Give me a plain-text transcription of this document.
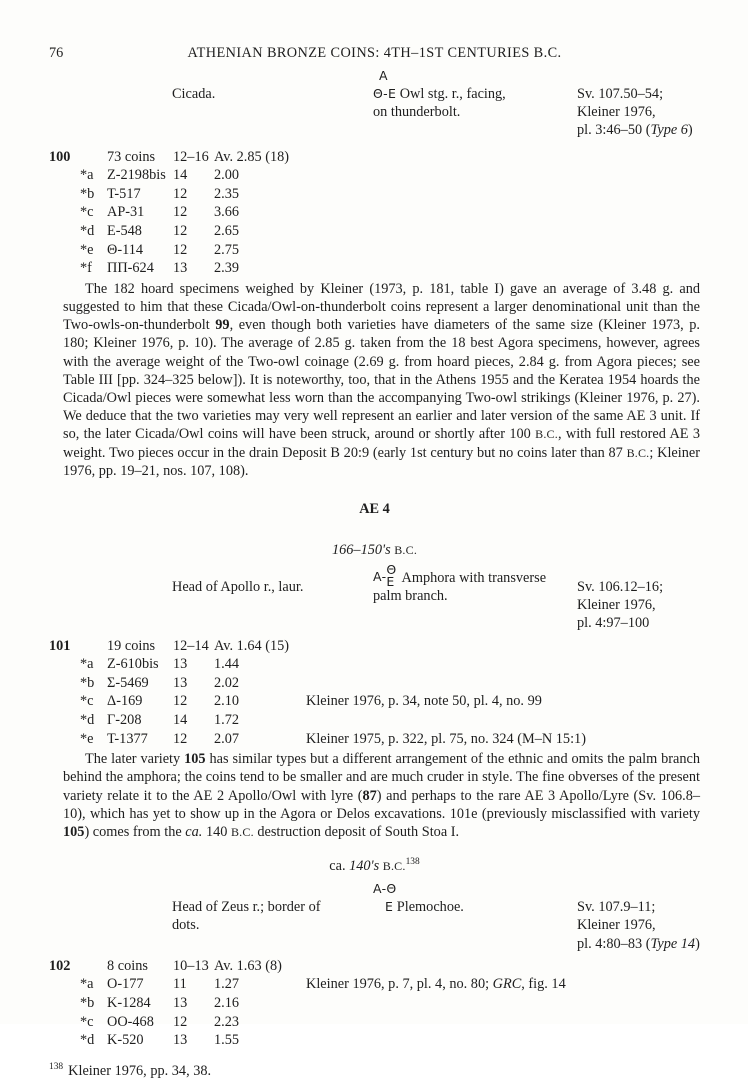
76	ATHENIAN BRONZE COINS: 4TH–1ST CENTURIES B.C.
Cicada.
A
Θ-E Owl stg. r., facing,
on thunderbolt.
Sv. 107.50–54;
Kleiner 1976,
pl. 3:46–50 (Type 6)
100	73 coins	12–16 Av. 2.85 (18)
*a Z-2198bis 14	2.00
*b T-517	12	2.35
*c AP-31	12	3.66
*d E-548	12	2.65
*e Θ-114	12	2.75
*f	ΠΠ-624	13	2.39

The 182 hoard specimens weighed by Kleiner (1973, p. 181, table I) gave an average of 3.48 g. and suggested to him that these Cicada/Owl-on-thunderbolt coins represent a larger denominational unit than the Two-owls-on-thunderbolt 99, even though both varieties have diameters of the same size (Kleiner 1973, p. 180; Kleiner 1976, p. 10). The average of 2.85 g. taken from the 18 best Agora specimens, however, agrees with the average weight of the Two-owl coinage (2.69 g. from hoard pieces, 2.84 g. from Agora pieces; see Table III [pp. 324–325 below]). It is noteworthy, too, that in the Athens 1955 and the Keratea 1954 hoards the Cicada/Owl pieces were somewhat less worn than the accompanying Two-owl strikings (Kleiner 1976, p. 27). We deduce that the two varieties may very well represent an earlier and later version of the same AE 3 unit. If so, the later Cicada/Owl coins will have been struck, around or shortly after 100 B.C., with full restored AE 3 weight. Two pieces occur in the drain Deposit B 20:9 (early 1st century but no coins later than 87 B.C.; Kleiner 1976, pp. 19–21, nos. 107, 108).

AE 4
166–150's B.C.
Head of Apollo r., laur.
A- Θ
E Amphora with transverse
palm branch.
Sv. 106.12–16;
Kleiner 1976,
pl. 4:97–100
101	19 coins	12–14 Av. 1.64 (15)
*a Z-610bis	13	1.44
*b Σ-5469	13	2.02
*c Δ-169	12	2.10	Kleiner 1976, p. 34, note 50, pl. 4, no. 99
*d Γ-208	14	1.72
*e T-1377	12	2.07	Kleiner 1975, p. 322, pl. 75, no. 324 (M–N 15:1)

The later variety 105 has similar types but a different arrangement of the ethnic and omits the palm branch behind the amphora; the coins tend to be smaller and are much cruder in style. The fine obverses of the present variety relate it to the AE 2 Apollo/Owl with lyre (87) and perhaps to the rare AE 3 Apollo/Lyre (Sv. 106.8–10), which has yet to show up in the Agora or Delos excavations. 101e (previously misclassified with variety 105) comes from the ca. 140 B.C. destruction deposit of South Stoa I.

ca. 140's B.C.$^{138}$
Head of Zeus r.; border of
dots.
A-Θ
E Plemochoe.	Sv. 107.9–11;
Kleiner 1976,
pl. 4:80–83 (Type 14)
102	8 coins	10–13 Av. 1.63 (8)
*a O-177	11	1.27	Kleiner 1976, p. 7, pl. 4, no. 80; GRC, fig. 14
*b K-1284	13	2.16
*c OO-468	12	2.23
*d K-520	13	1.55
$^{138}$ Kleiner 1976, pp. 34, 38.
